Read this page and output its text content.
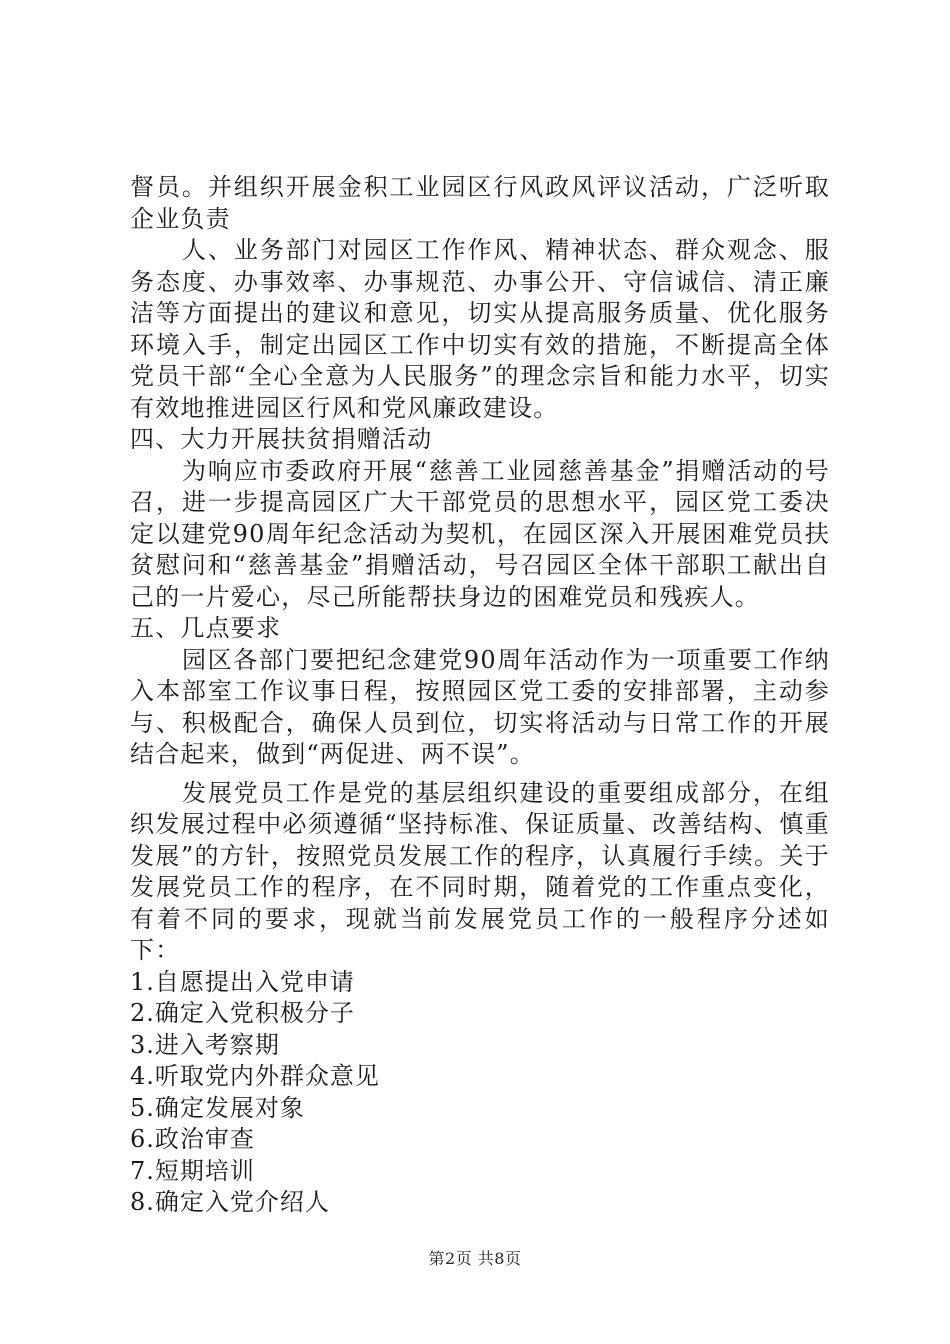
督员。并组织开展金积工业园区行风政风评议活动，广泛听取企业负责

人、业务部门对园区工作作风、精神状态、群众观念、服务态度、办事效率、办事规范、办事公开、守信诚信、清正廉洁等方面提出的建议和意见，切实从提高服务质量、优化服务环境入手，制定出园区工作中切实有效的措施，不断提高全体党员干部“全心全意为人民服务”的理念宗旨和能力水平，切实有效地推进园区行风和党风廉政建设。

四、大力开展扶贫捐赠活动

为响应市委政府开展“慈善工业园慈善基金”捐赠活动的号召，进一步提高园区广大干部党员的思想水平，园区党工委决定以建党90周年纪念活动为契机，在园区深入开展困难党员扶贫慰问和“慈善基金”捐赠活动，号召园区全体干部职工献出自己的一片爱心，尽己所能帮扶身边的困难党员和残疾人。

五、几点要求

园区各部门要把纪念建党90周年活动作为一项重要工作纳入本部室工作议事日程，按照园区党工委的安排部署，主动参与、积极配合，确保人员到位，切实将活动与日常工作的开展结合起来，做到“两促进、两不误”。

发展党员工作是党的基层组织建设的重要组成部分，在组织发展过程中必须遵循“坚持标准、保证质量、改善结构、慎重发展”的方针，按照党员发展工作的程序，认真履行手续。关于发展党员工作的程序，在不同时期，随着党的工作重点变化，有着不同的要求，现就当前发展党员工作的一般程序分述如下：

1.自愿提出入党申请

2.确定入党积极分子

3.进入考察期

4.听取党内外群众意见

5.确定发展对象

6.政治审查

7.短期培训

8.确定入党介绍人

第2页 共8页
